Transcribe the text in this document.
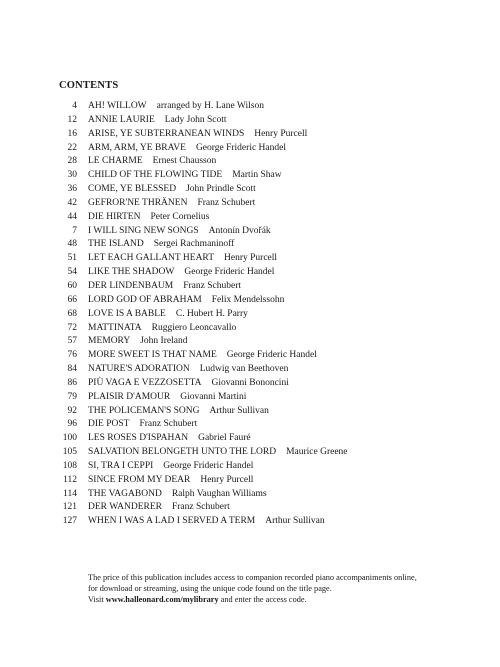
CONTENTS
4 AH! WILLOW arranged by H. Lane Wilson
12 ANNIE LAURIE Lady John Scott
16 ARISE, YE SUBTERRANEAN WINDS Henry Purcell
22 ARM, ARM, YE BRAVE George Frideric Handel
28 LE CHARME Ernest Chausson
30 CHILD OF THE FLOWING TIDE Martin Shaw
36 COME, YE BLESSED John Prindle Scott
42 GEFROR'NE THRÄNEN Franz Schubert
44 DIE HIRTEN Peter Cornelius
7 I WILL SING NEW SONGS Antonín Dvořák
48 THE ISLAND Sergei Rachmaninoff
51 LET EACH GALLANT HEART Henry Purcell
54 LIKE THE SHADOW George Frideric Handel
60 DER LINDENBAUM Franz Schubert
66 LORD GOD OF ABRAHAM Felix Mendelssohn
68 LOVE IS A BABLE C. Hubert H. Parry
72 MATTINATA Ruggiero Leoncavallo
57 MEMORY John Ireland
76 MORE SWEET IS THAT NAME George Frideric Handel
84 NATURE'S ADORATION Ludwig van Beethoven
86 PIÙ VAGA E VEZZOSETTA Giovanni Bononcini
79 PLAISIR D'AMOUR Giovanni Martini
92 THE POLICEMAN'S SONG Arthur Sullivan
96 DIE POST Franz Schubert
100 LES ROSES D'ISPAHAN Gabriel Fauré
105 SALVATION BELONGETH UNTO THE LORD Maurice Greene
108 SI, TRA I CEPPI George Frideric Handel
112 SINCE FROM MY DEAR Henry Purcell
114 THE VAGABOND Ralph Vaughan Williams
121 DER WANDERER Franz Schubert
127 WHEN I WAS A LAD I SERVED A TERM Arthur Sullivan

The price of this publication includes access to companion recorded piano accompaniments online,

for download or streaming, using the unique code found on the title page.

Visit www.halleonard.com/mylibrary and enter the access code.
